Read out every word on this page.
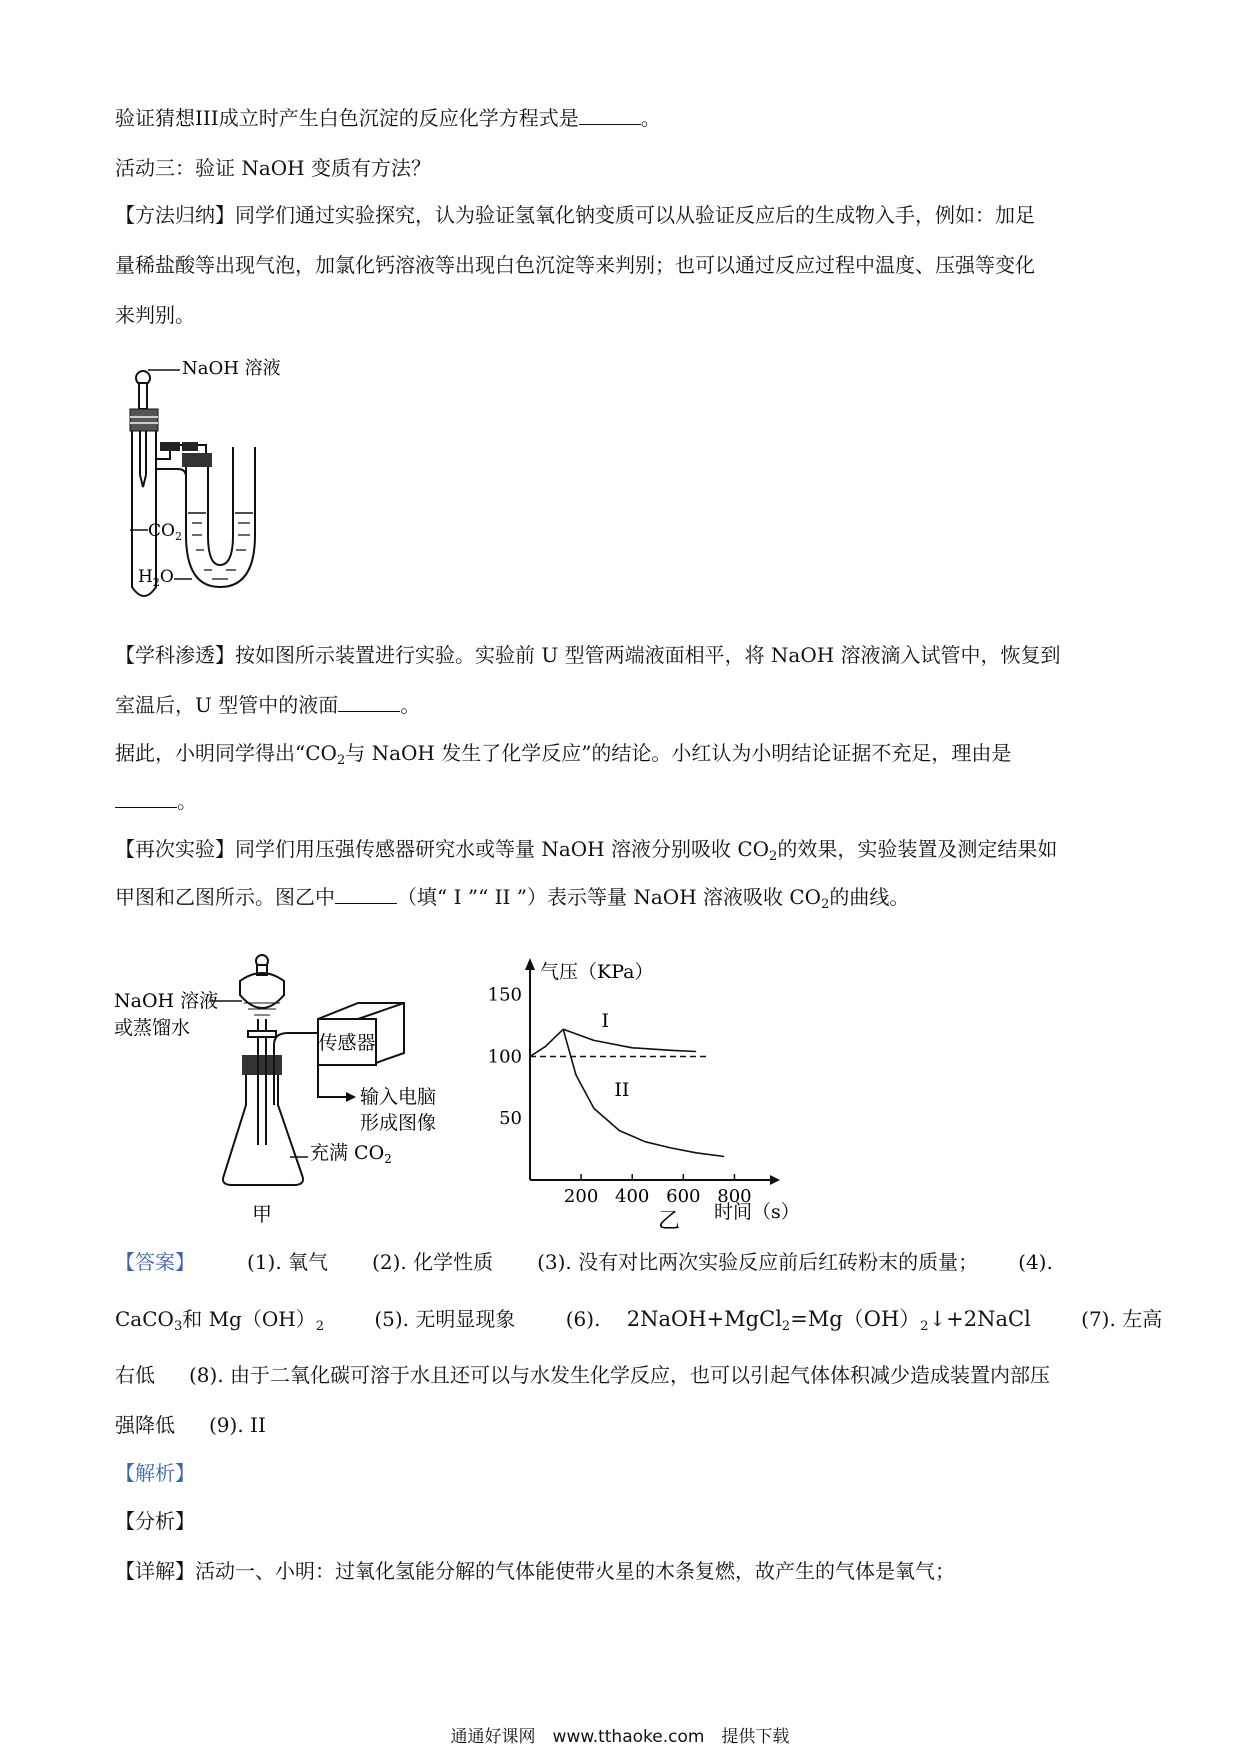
验证猜想III成立时产生白色沉淀的反应化学方程式是	。
活动三：验证 NaOH 变质有方法？
【方法归纳】同学们通过实验探究，认为验证氢氧化钠变质可以从验证反应后的生成物入手，例如：加足
量稀盐酸等出现气泡，加氯化钙溶液等出现白色沉淀等来判别；也可以通过反应过程中温度、压强等变化
来判别。
NaOH 溶液
$CO_2$
$H_2O$
【学科渗透】按如图所示装置进行实验。实验前 U 型管两端液面相平，将 NaOH 溶液滴入试管中，恢复到
室温后，U 型管中的液面	。
据此，小明同学得出“$CO_2$与 NaOH 发生了化学反应”的结论。小红认为小明结论证据不充足，理由是
。
【再次实验】同学们用压强传感器研究水或等量 NaOH 溶液分别吸收 $CO_2$的效果，实验装置及测定结果如
甲图和乙图所示。图乙中	（填“ I ”“ II ”）表示等量 NaOH 溶液吸收 $CO_2$的曲线。
传感器
输入电脑
形成图像
NaOH 溶液
或蒸馏水
充满 $CO_2$
甲
200 400 600 800
50
100
150
I
II
气压（KPa）
时间（s）
乙
【答案】	(1). 氧气 (2). 化学性质 (3). 没有对比两次实验反应前后红砖粉末的质量； (4).
CaCO$_3$和 $Mg(OH)_2$	(5). 无明显现象	(6). $2NaOH+MgCl_2=Mg(OH)_2↓+2NaCl$	(7). 左高
右低 (8). 由于二氧化碳可溶于水且还可以与水发生化学反应，也可以引起气体体积减少造成装置内部压
强降低 (9). II
【解析】
【分析】
【详解】活动一、小明：过氧化氢能分解的气体能使带火星的木条复燃，故产生的气体是氧气；
通通好课网　www.tthaoke.com　提供下载
